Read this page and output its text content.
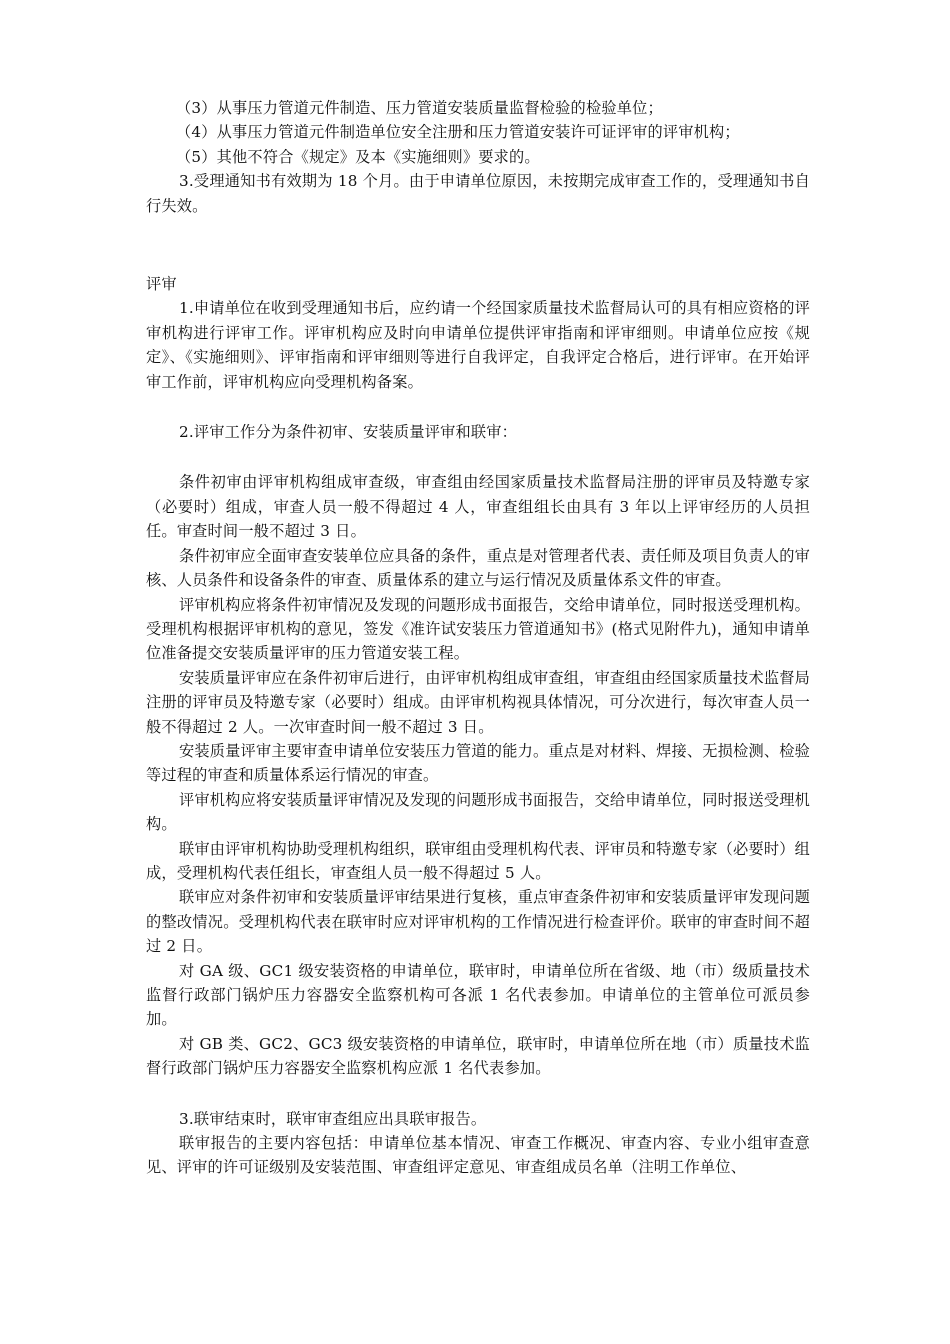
（3）从事压力管道元件制造、压力管道安装质量监督检验的检验单位；

（4）从事压力管道元件制造单位安全注册和压力管道安装许可证评审的评审机构；

（5）其他不符合《规定》及本《实施细则》要求的。

3.受理通知书有效期为 18 个月。由于申请单位原因，未按期完成审查工作的，受理通知书自行失效。

评审

1.申请单位在收到受理通知书后，应约请一个经国家质量技术监督局认可的具有相应资格的评审机构进行评审工作。评审机构应及时向申请单位提供评审指南和评审细则。申请单位应按《规定》、《实施细则》、评审指南和评审细则等进行自我评定，自我评定合格后，进行评审。在开始评审工作前，评审机构应向受理机构备案。

2.评审工作分为条件初审、安装质量评审和联审：

条件初审由评审机构组成审查级，审查组由经国家质量技术监督局注册的评审员及特邀专家（必要时）组成，审查人员一般不得超过 4 人，审查组组长由具有 3 年以上评审经历的人员担任。审查时间一般不超过 3 日。

条件初审应全面审查安装单位应具备的条件，重点是对管理者代表、责任师及项目负责人的审核、人员条件和设备条件的审查、质量体系的建立与运行情况及质量体系文件的审查。

评审机构应将条件初审情况及发现的问题形成书面报告，交给申请单位，同时报送受理机构。受理机构根据评审机构的意见，签发《准许试安装压力管道通知书》(格式见附件九)，通知申请单位准备提交安装质量评审的压力管道安装工程。

安装质量评审应在条件初审后进行，由评审机构组成审查组，审查组由经国家质量技术监督局注册的评审员及特邀专家（必要时）组成。由评审机构视具体情况，可分次进行，每次审查人员一般不得超过 2 人。一次审查时间一般不超过 3 日。

安装质量评审主要审查申请单位安装压力管道的能力。重点是对材料、焊接、无损检测、检验等过程的审查和质量体系运行情况的审查。

评审机构应将安装质量评审情况及发现的问题形成书面报告，交给申请单位，同时报送受理机构。

联审由评审机构协助受理机构组织，联审组由受理机构代表、评审员和特邀专家（必要时）组成，受理机构代表任组长，审查组人员一般不得超过 5 人。

联审应对条件初审和安装质量评审结果进行复核，重点审查条件初审和安装质量评审发现问题的整改情况。受理机构代表在联审时应对评审机构的工作情况进行检查评价。联审的审查时间不超过 2 日。

对 GA 级、GC1 级安装资格的申请单位，联审时，申请单位所在省级、地（市）级质量技术监督行政部门锅炉压力容器安全监察机构可各派 1 名代表参加。申请单位的主管单位可派员参加。

对 GB 类、GC2、GC3 级安装资格的申请单位，联审时，申请单位所在地（市）质量技术监督行政部门锅炉压力容器安全监察机构应派 1 名代表参加。

3.联审结束时，联审审查组应出具联审报告。

联审报告的主要内容包括：申请单位基本情况、审查工作概况、审查内容、专业小组审查意见、评审的许可证级别及安装范围、审查组评定意见、审查组成员名单（注明工作单位、
